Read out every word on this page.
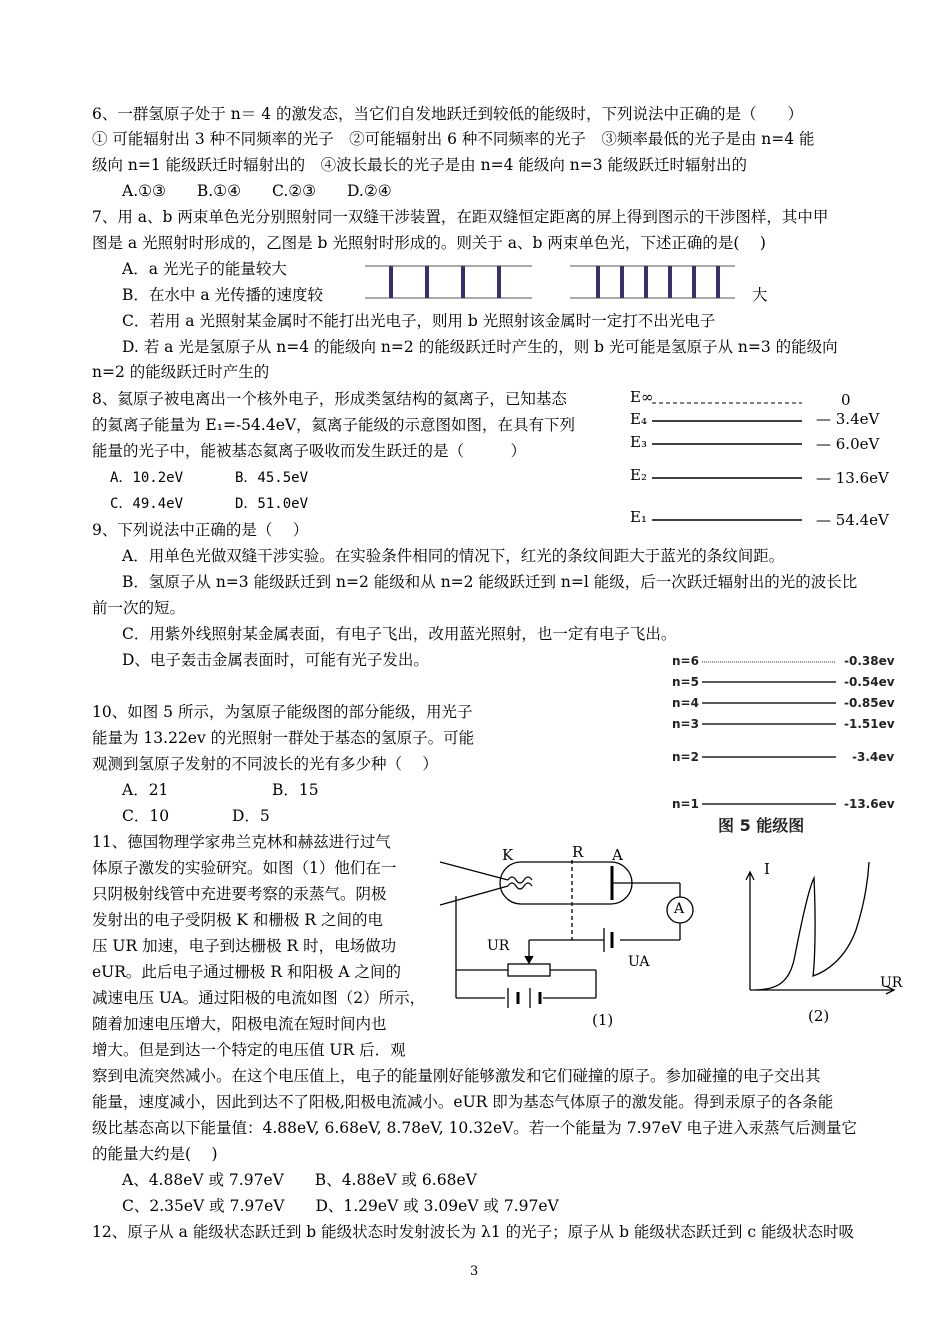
6、一群氢原子处于 n＝ 4 的激发态，当它们自发地跃迁到较低的能级时，下列说法中正确的是（　　）
① 可能辐射出 3 种不同频率的光子　②可能辐射出 6 种不同频率的光子　③频率最低的光子是由 n=4 能
级向 n=1 能级跃迁时辐射出的　④波长最长的光子是由 n=4 能级向 n=3 能级跃迁时辐射出的
A.①③　　B.①④　　C.②③　　D.②④
7、用 a、b 两束单色光分别照射同一双缝干涉装置，在距双缝恒定距离的屏上得到图示的干涉图样，其中甲
图是 a 光照射时形成的，乙图是 b 光照射时形成的。则关于 a、b 两束单色光，下述正确的是(　 )
A．a 光光子的能量较大
B．在水中 a 光传播的速度较	大
C．若用 a 光照射某金属时不能打出光电子，则用 b 光照射该金属时一定打不出光电子
D. 若 a 光是氢原子从 n=4 的能级向 n=2 的能级跃迁时产生的，则 b 光可能是氢原子从 n=3 的能级向
n=2 的能级跃迁时产生的
8、氦原子被电离出一个核外电子，形成类氢结构的氦离子，已知基态
的氦离子能量为 E₁=-54.4eV，氦离子能级的示意图如图，在具有下列
能量的光子中，能被基态氦离子吸收而发生跃迁的是（　　　）
A．10.2eV	B．45.5eV
C．49.4eV	D．51.0eV
E∞	0
E₄	— 3.4eV
E₃	— 6.0eV
E₂	— 13.6eV
E₁	— 54.4eV
9、下列说法中正确的是（　 ）
A．用单色光做双缝干涉实验。在实验条件相同的情况下，红光的条纹间距大于蓝光的条纹间距。
B．氢原子从 n=3 能级跃迁到 n=2 能级和从 n=2 能级跃迁到 n=l 能级，后一次跃迁辐射出的光的波长比
前一次的短。
C．用紫外线照射某金属表面，有电子飞出，改用蓝光照射，也一定有电子飞出。
D、电子轰击金属表面时，可能有光子发出。	n=6	-0.38ev
n=5	-0.54ev
n=4	-0.85ev
n=3	-1.51ev
n=2	-3.4ev
n=1	-13.6ev
图 5 能级图
10、如图 5 所示，为氢原子能级图的部分能级，用光子
能量为 13.22ev 的光照射一群处于基态的氢原子。可能
观测到氢原子发射的不同波长的光有多少种（　 ）
A．21	B．15
C．10	D．5
11、德国物理学家弗兰克林和赫兹进行过气
体原子激发的实验研究。如图（1）他们在一
只阴极射线管中充进要考察的汞蒸气。阴极
发射出的电子受阴极 K 和栅极 R 之间的电
压 UR 加速，电子到达栅极 R 时，电场做功
eUR。此后电子通过栅极 R 和阳极 A 之间的
减速电压 UA。通过阳极的电流如图（2）所示，
随着加速电压增大，阳极电流在短时间内也
增大。但是到达一个特定的电压值 UR 后．观
察到电流突然减小。在这个电压值上，电子的能量刚好能够激发和它们碰撞的原子。参加碰撞的电子交出其
能量，速度减小，因此到达不了阳极,阳极电流减小。eUR 即为基态气体原子的激发能。得到汞原子的各条能
级比基态高以下能量值：4.88eV, 6.68eV, 8.78eV, 10.32eV。若一个能量为 7.97eV 电子进入汞蒸气后测量它
的能量大约是(　 )
A、4.88eV 或 7.97eV　　B、4.88eV 或 6.68eV
C、2.35eV 或 7.97eV　　D、1.29eV 或 3.09eV 或 7.97eV
K	R A
A
UR
UA
(1)
I
UR
(2)
12、原子从 a 能级状态跃迁到 b 能级状态时发射波长为 λ1 的光子；原子从 b 能级状态跃迁到 c 能级状态时吸
3
